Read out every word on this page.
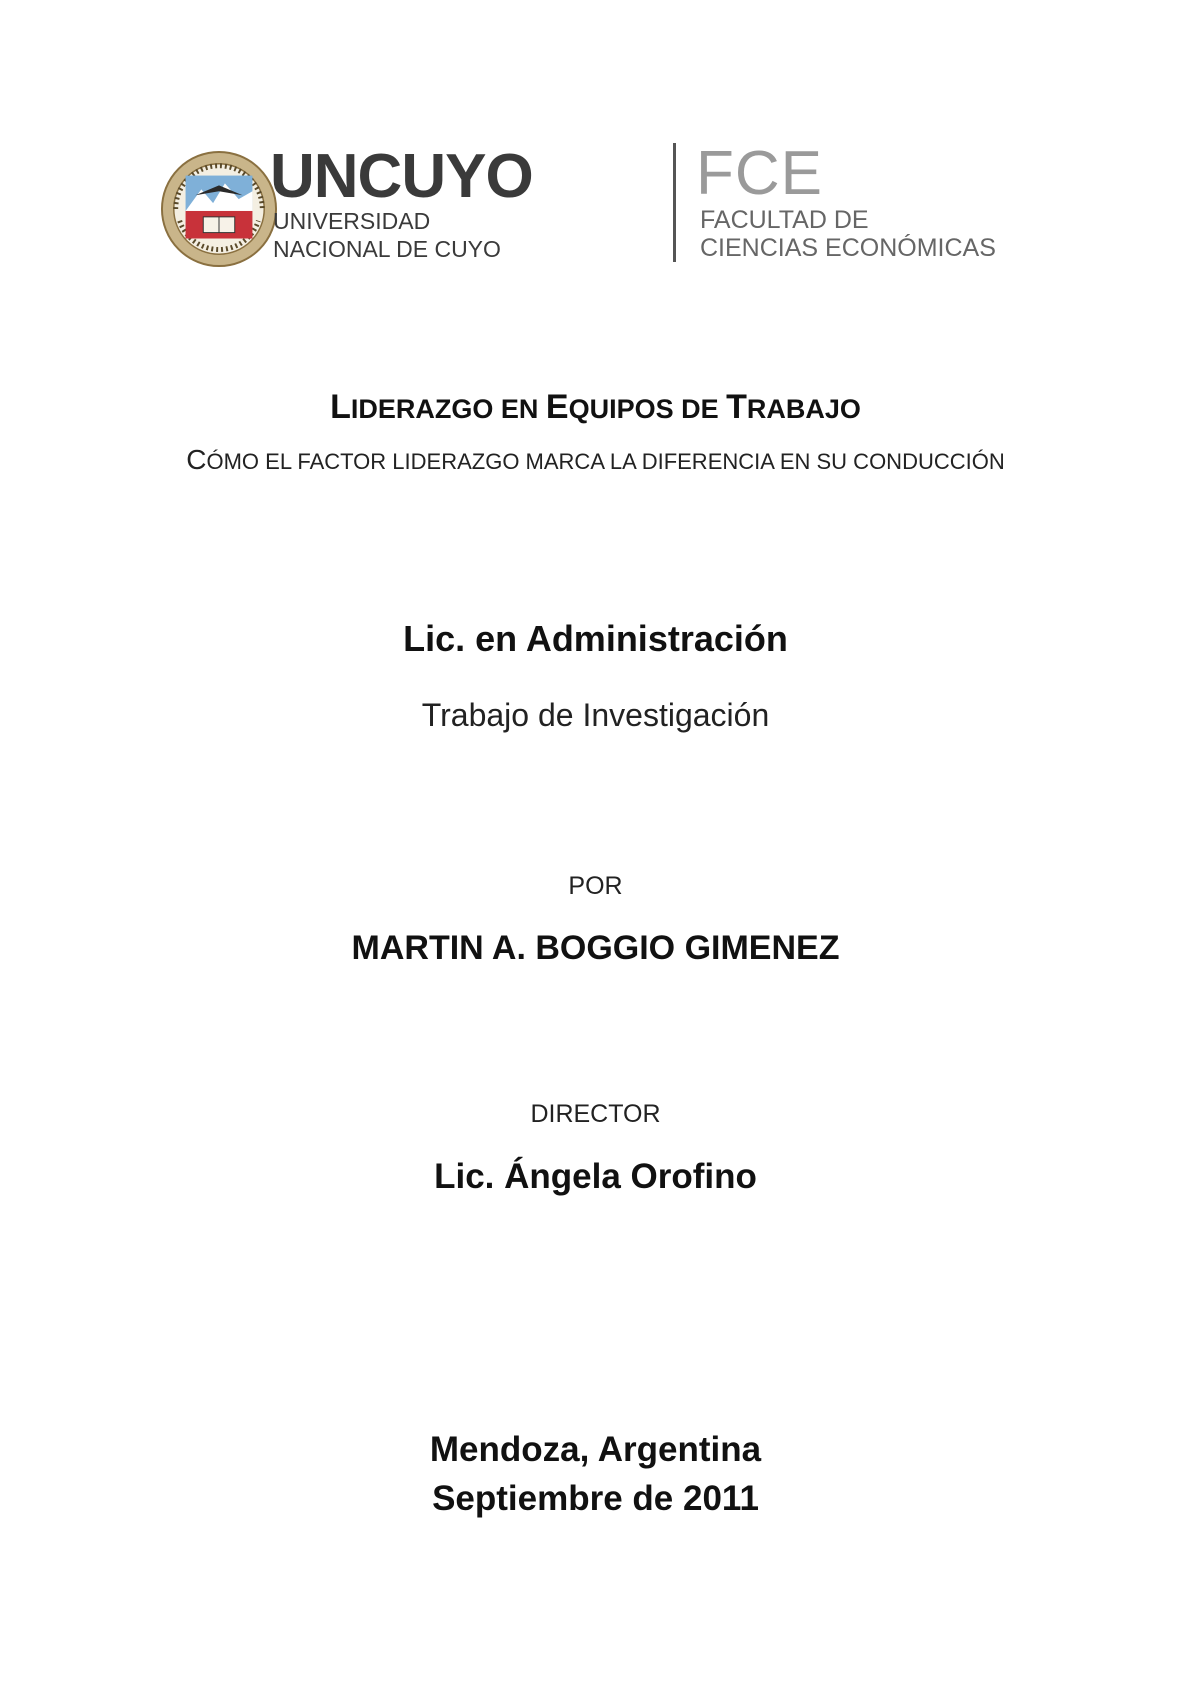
UNCUYO
UNIVERSIDAD
NACIONAL DE CUYO
FCE
FACULTAD DE
CIENCIAS ECONÓMICAS
LIDERAZGO EN EQUIPOS DE TRABAJO
CÓMO EL FACTOR LIDERAZGO MARCA LA DIFERENCIA EN SU CONDUCCIÓN
Lic. en Administración
Trabajo de Investigación
POR
MARTIN A. BOGGIO GIMENEZ
DIRECTOR
Lic. Ángela Orofino
Mendoza, Argentina
Septiembre de 2011
